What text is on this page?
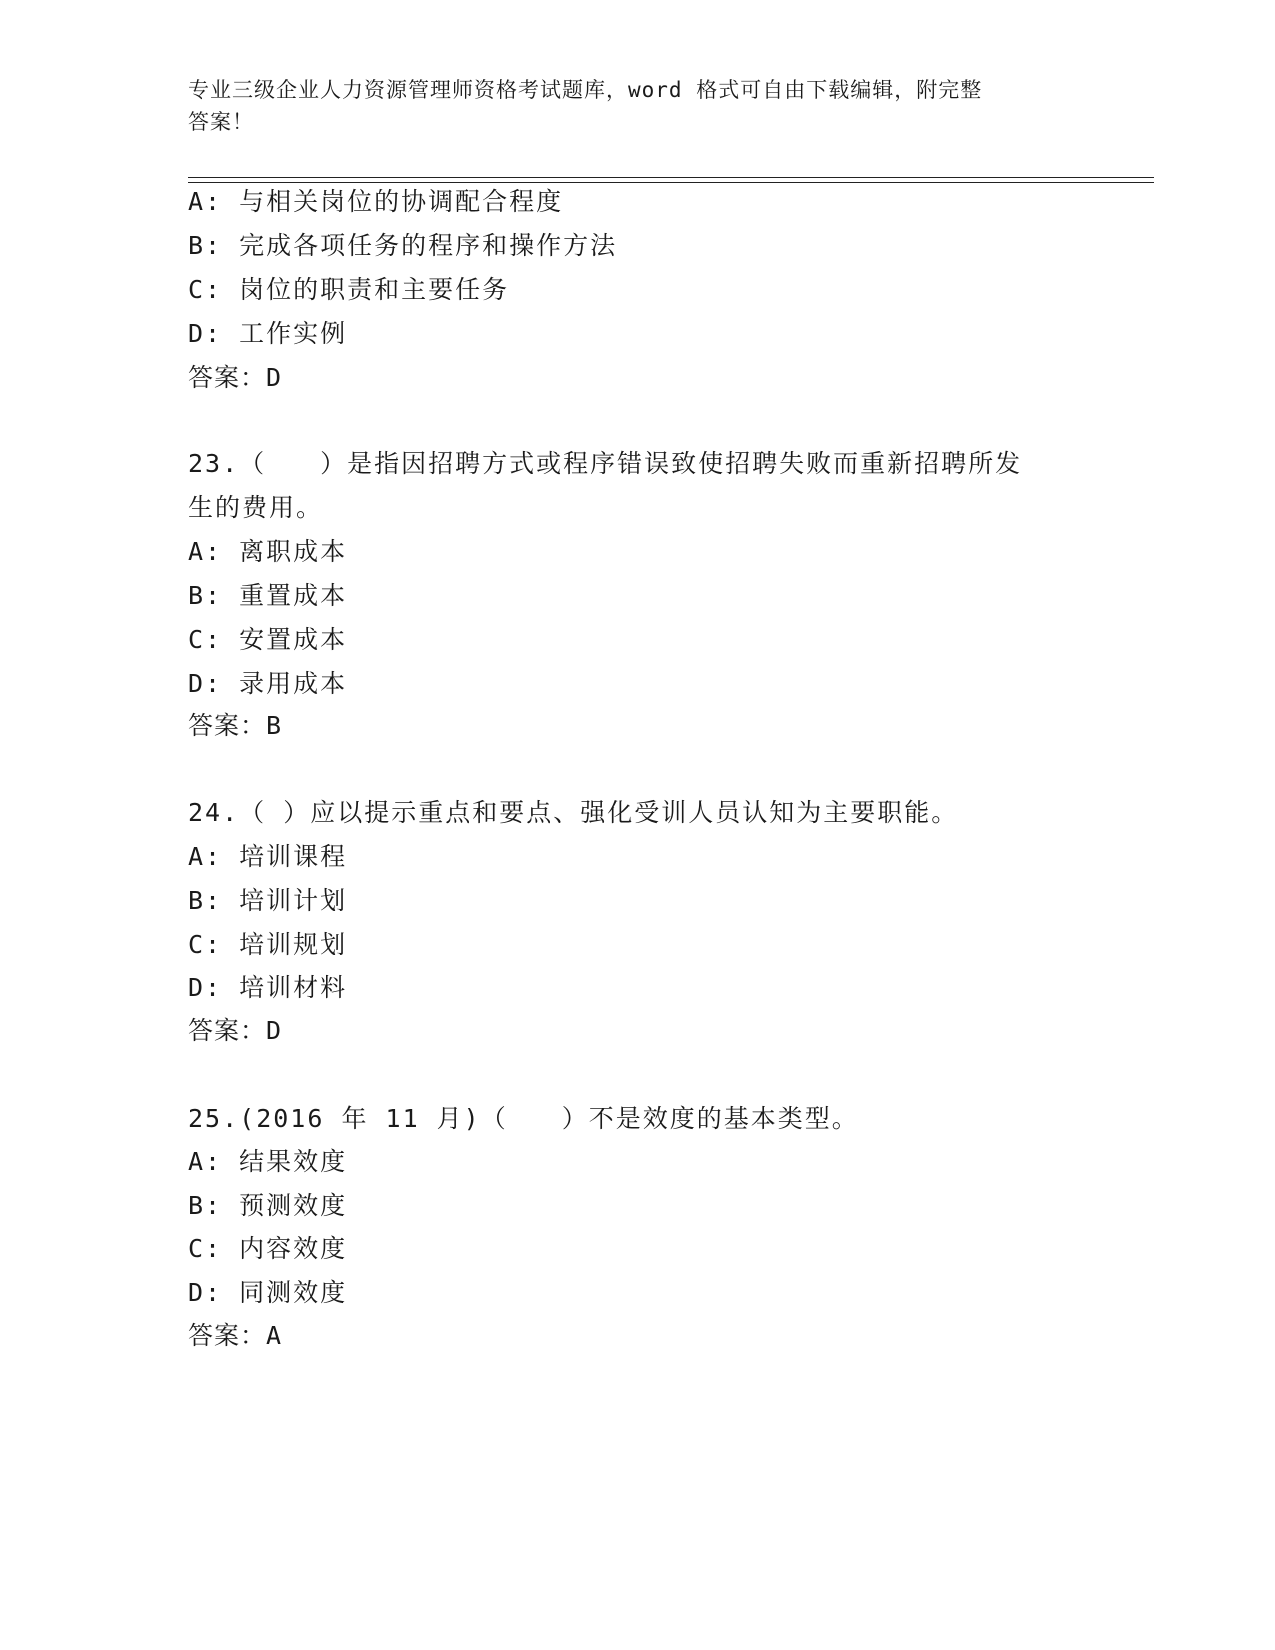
专业三级企业人力资源管理师资格考试题库，word 格式可自由下载编辑，附完整
答案！
A: 与相关岗位的协调配合程度
B: 完成各项任务的程序和操作方法
C: 岗位的职责和主要任务
D: 工作实例
答案：D
23.（　　）是指因招聘方式或程序错误致使招聘失败而重新招聘所发
生的费用。
A: 离职成本
B: 重置成本
C: 安置成本
D: 录用成本
答案：B
24.（ ）应以提示重点和要点、强化受训人员认知为主要职能。
A: 培训课程
B: 培训计划
C: 培训规划
D: 培训材料
答案：D
25.(2016 年 11 月)（　　）不是效度的基本类型。
A: 结果效度
B: 预测效度
C: 内容效度
D: 同测效度
答案：A
